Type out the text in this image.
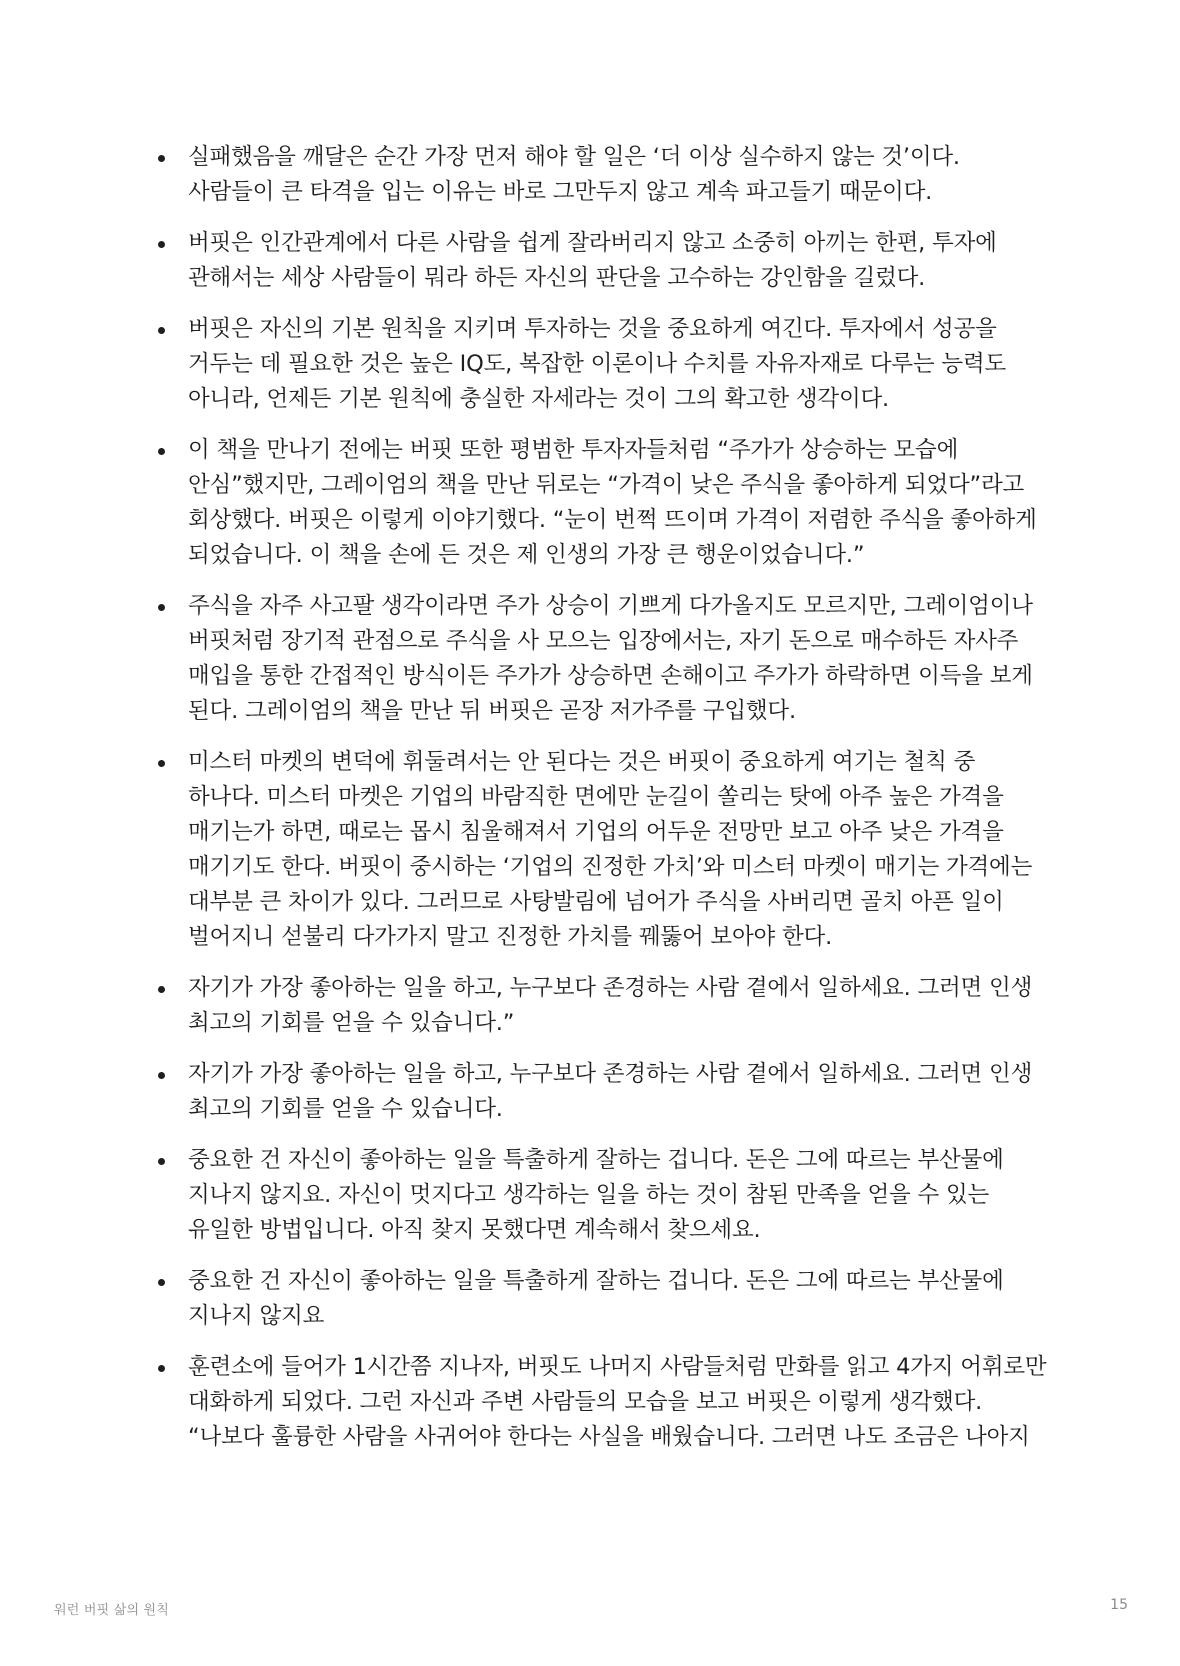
실패했음을 깨달은 순간 가장 먼저 해야 할 일은 ‘더 이상 실수하지 않는 것’이다. 사람들이 큰 타격을 입는 이유는 바로 그만두지 않고 계속 파고들기 때문이다.
버핏은 인간관계에서 다른 사람을 쉽게 잘라버리지 않고 소중히 아끼는 한편, 투자에 관해서는 세상 사람들이 뭐라 하든 자신의 판단을 고수하는 강인함을 길렀다.
버핏은 자신의 기본 원칙을 지키며 투자하는 것을 중요하게 여긴다. 투자에서 성공을 거두는 데 필요한 것은 높은 IQ도, 복잡한 이론이나 수치를 자유자재로 다루는 능력도 아니라, 언제든 기본 원칙에 충실한 자세라는 것이 그의 확고한 생각이다.
이 책을 만나기 전에는 버핏 또한 평범한 투자자들처럼 “주가가 상승하는 모습에 안심”했지만, 그레이엄의 책을 만난 뒤로는 “가격이 낮은 주식을 좋아하게 되었다”라고 회상했다. 버핏은 이렇게 이야기했다. “눈이 번쩍 뜨이며 가격이 저렴한 주식을 좋아하게 되었습니다. 이 책을 손에 든 것은 제 인생의 가장 큰 행운이었습니다.”
주식을 자주 사고팔 생각이라면 주가 상승이 기쁘게 다가올지도 모르지만, 그레이엄이나 버핏처럼 장기적 관점으로 주식을 사 모으는 입장에서는, 자기 돈으로 매수하든 자사주 매입을 통한 간접적인 방식이든 주가가 상승하면 손해이고 주가가 하락하면 이득을 보게 된다. 그레이엄의 책을 만난 뒤 버핏은 곧장 저가주를 구입했다.
미스터 마켓의 변덕에 휘둘려서는 안 된다는 것은 버핏이 중요하게 여기는 철칙 중 하나다. 미스터 마켓은 기업의 바람직한 면에만 눈길이 쏠리는 탓에 아주 높은 가격을 매기는가 하면, 때로는 몹시 침울해져서 기업의 어두운 전망만 보고 아주 낮은 가격을 매기기도 한다. 버핏이 중시하는 ‘기업의 진정한 가치’와 미스터 마켓이 매기는 가격에는 대부분 큰 차이가 있다. 그러므로 사탕발림에 넘어가 주식을 사버리면 골치 아픈 일이 벌어지니 섣불리 다가가지 말고 진정한 가치를 꿰뚫어 보아야 한다.
자기가 가장 좋아하는 일을 하고, 누구보다 존경하는 사람 곁에서 일하세요. 그러면 인생 최고의 기회를 얻을 수 있습니다.”
자기가 가장 좋아하는 일을 하고, 누구보다 존경하는 사람 곁에서 일하세요. 그러면 인생 최고의 기회를 얻을 수 있습니다.
중요한 건 자신이 좋아하는 일을 특출하게 잘하는 겁니다. 돈은 그에 따르는 부산물에 지나지 않지요. 자신이 멋지다고 생각하는 일을 하는 것이 참된 만족을 얻을 수 있는 유일한 방법입니다. 아직 찾지 못했다면 계속해서 찾으세요.
중요한 건 자신이 좋아하는 일을 특출하게 잘하는 겁니다. 돈은 그에 따르는 부산물에 지나지 않지요
훈련소에 들어가 1시간쯤 지나자, 버핏도 나머지 사람들처럼 만화를 읽고 4가지 어휘로만 대화하게 되었다. 그런 자신과 주변 사람들의 모습을 보고 버핏은 이렇게 생각했다. “나보다 훌륭한 사람을 사귀어야 한다는 사실을 배웠습니다. 그러면 나도 조금은 나아지
워런 버핏 삶의 원칙	15
